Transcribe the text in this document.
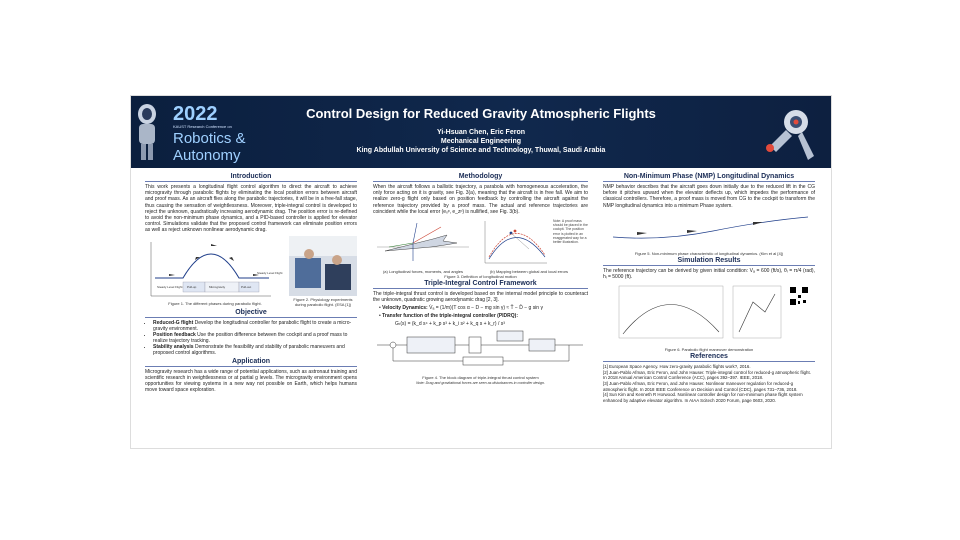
2022
KAUST Research Conference on
Robotics &
Autonomy
Control Design for Reduced Gravity Atmospheric Flights
Yi-Hsuan Chen, Eric Feron
Mechanical Engineering
King Abdullah University of Science and Technology, Thuwal, Saudi Arabia
Introduction

This work presents a longitudinal flight control algorithm to direct the aircraft to achieve microgravity through parabolic flights by eliminating the local position errors between aircraft and proof mass. As an aircraft flies along the parabolic trajectories, it will be in a free-fall stage, thus causing the sensation of weightlessness. Moreover, triple-integral control is developed to reject the unknown, quadratically increasing aerodynamic drag. The position error is re-defined to avoid the non-minimum phase dynamics, and a PID-based controller is applied for elevator control. Simulations validate that the proposed control framework can eliminate position errors as well as reject unknown nonlinear aerodynamic drag.

Steady Level Flight Pull-up	Microgravity	Pull-out
Steady Level Flight
Figure 1. The different phases during parabolic flight.
Figure 2. Physiology experiments during parabolic flight. (ESA [1])
Objective
• Reduced-G flight Develop the longitudinal controller for parabolic flight to create a micro-gravity environment.
• Position feedback Use the position difference between the cockpit and a proof mass to realize trajectory tracking.
• Stability analysis Demonstrate the feasibility and stability of parabolic maneuvers and proposed control algorithms.
Application

Microgravity research has a wide range of potential applications, such as astronaut training and scientific research in weightlessness or at partial g levels. The microgravity environment opens opportunities for viewing systems in a new way not possible on Earth, which helps humans move toward space exploration.

Methodology

When the aircraft follows a ballistic trajectory, a parabola with homogeneous acceleration, the only force acting on it is gravity, see Fig. 3(a), meaning that the aircraft is in free fall. We aim to realize zero-g flight only based on position feedback by controlling the aircraft against the reference trajectory provided by a proof mass. The actual and reference trajectories are coincident while the local error (eₓᵖ, e_zᵖ) is nullified, see Fig. 3(b).

Note: A proof mass should be placed in the cockpit. The position error is plotted in an exaggerated way for a better illustration.
(a) Longitudinal forces, moments, and angles	(b) Mapping between global and local errors
Figure 3. Definition of longitudinal motion
Triple-Integral Control Framework

The triple-integral thrust control is developed based on the internal model principle to counteract the unknown, quadratic growing aerodynamic drag [2, 3].

• Velocity Dynamics: V̇ₐ = (1/m)(T cos α − D − mg sin γ) ≈ T̄ − D̄ − g sin γ
• Transfer function of the triple-integral controller (PIDRQ):
Gₜ(s) = (k_d s⁴ + k_p s³ + k_i s² + k_q s + k_r) / s³
Figure 4. The block diagram of triple-integral thrust control system
Note: Drag and gravitational forces are seen as disturbances in controller design.
Non-Minimum Phase (NMP) Longitudinal Dynamics

NMP behavior describes that the aircraft goes down initially due to the reduced lift in the CG before it pitches upward when the elevator deflects up, which impedes the performance of classical controllers. Therefore, a proof mass is moved from CG to the cockpit to transform the NMP longitudinal dynamics into a minimum Phase system.

Figure 5. Non-minimum phase characteristic of longitudinal dynamics. (Kim et al [4])
Simulation Results

The reference trajectory can be derived by given initial condition: Vₐ = 600 (ft/s), θᵢ = π/4 (rad), hᵢ = 5000 (ft).

Figure 6. Parabolic flight maneuver demonstration
References
[1] European Space Agency. How zero-gravity parabolic flights work?, 2016.
[2] Juan-Pablo Afman, Eric Feron, and John Hauser. Triple-integral control for reduced-g atmospheric flight. In 2018 Annual American Control Conference (ACC), pages 392–397. IEEE, 2018.
[3] Juan-Pablo Afman, Eric Feron, and John Hauser. Nonlinear maneuver regulation for reduced-g atmospheric flight. In 2018 IEEE Conference on Decision and Control (CDC), pages 731–736, 2018.
[4] Sun Kim and Kenneth R Horwood. Nonlinear controller design for non-minimum phase flight system enhanced by adaptive elevator algorithm. In AIAA Scitech 2020 Forum, page 0603, 2020.
